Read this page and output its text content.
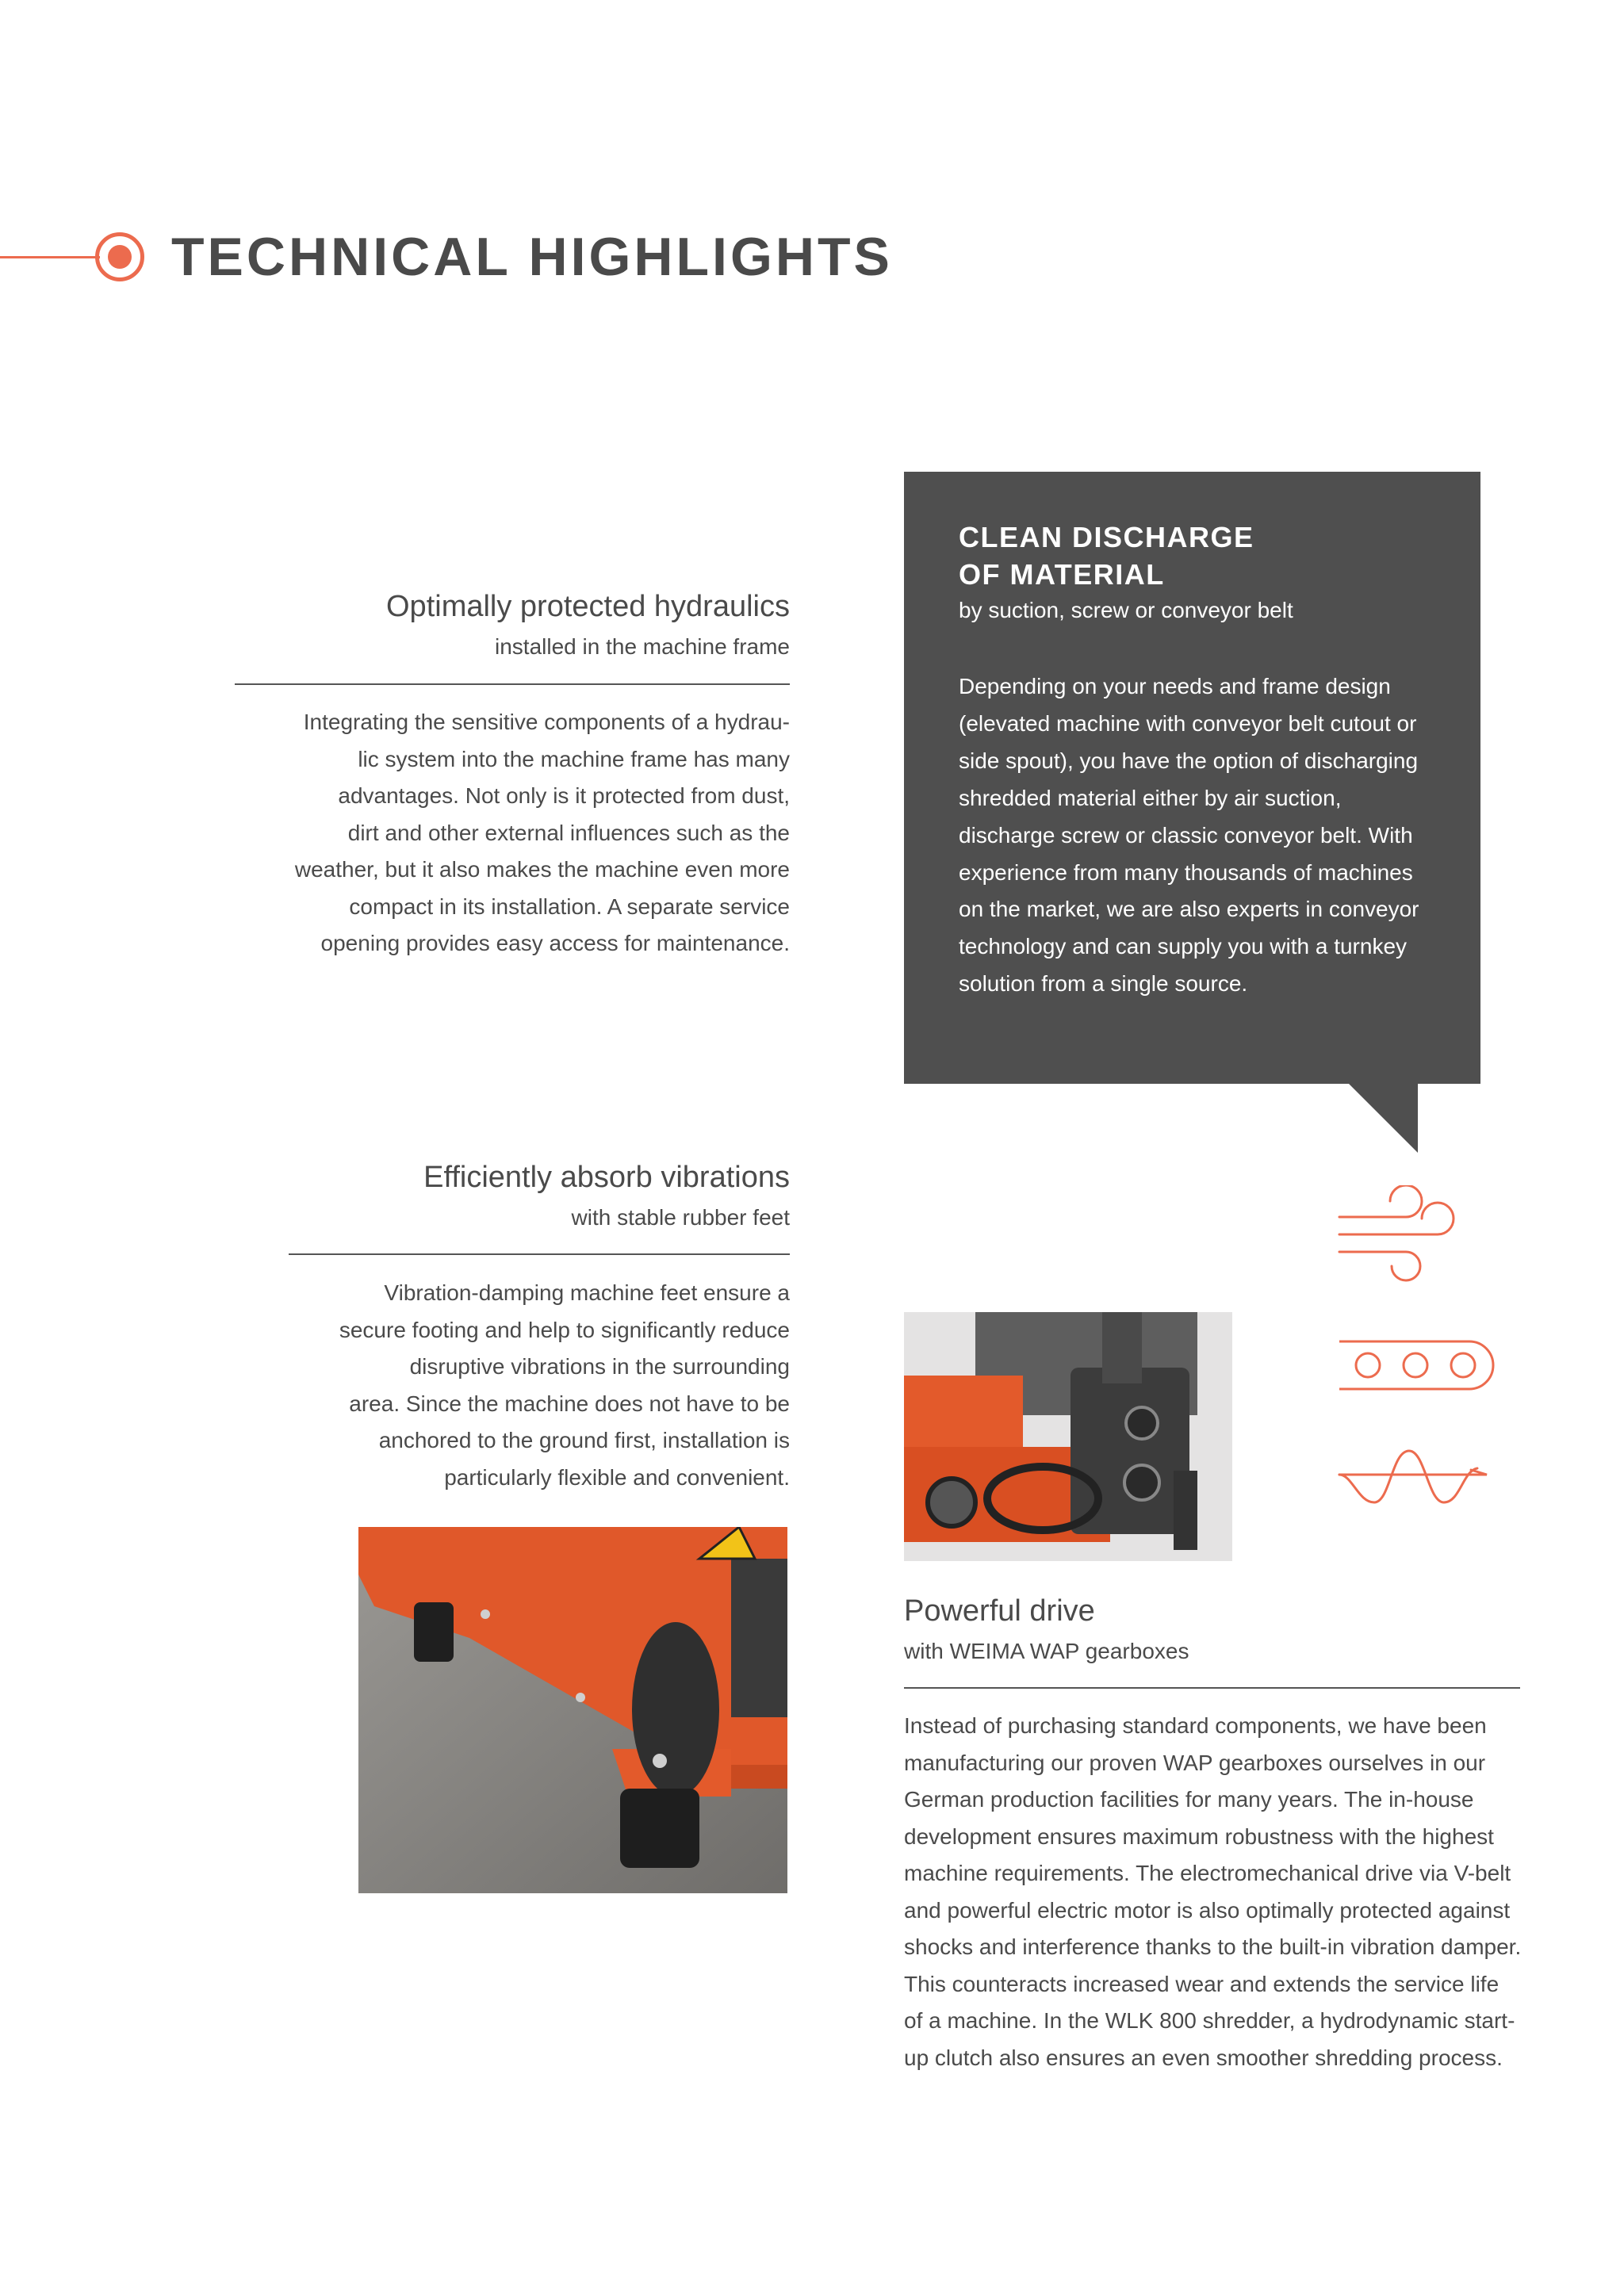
TECHNICAL HIGHLIGHTS
Optimally protected hydraulics
installed in the machine frame
Integrating the sensitive components of a hydrau-
lic system into the machine frame has many
advantages. Not only is it protected from dust,
dirt and other external influences such as the
weather, but it also makes the machine even more
compact in its installation. A separate service
opening provides easy access for maintenance.
CLEAN DISCHARGE
OF MATERIAL
by suction, screw or conveyor belt
Depending on your needs and frame design (elevated machine with conveyor belt cutout or side spout), you have the option of discharging shredded material either by air suction, discharge screw or classic conveyor belt. With experience from many thousands of machines on the market, we are also experts in conveyor technology and can supply you with a turnkey solution from a single source.
Efficiently absorb vibrations
with stable rubber feet
Vibration-damping machine feet ensure a
secure footing and help to significantly reduce
disruptive vibrations in the surrounding
area. Since the machine does not have to be
anchored to the ground first, installation is
particularly flexible and convenient.
Powerful drive
with WEIMA WAP gearboxes
Instead of purchasing standard components, we have been manufacturing our proven WAP gearboxes ourselves in our German production facilities for many years. The in-house development ensures maximum robustness with the highest machine requirements. The electromechanical drive via V-belt and powerful electric motor is also optimally protected against shocks and interference thanks to the built-in vibration damper. This counteracts increased wear and extends the service life of a machine. In the WLK 800 shredder, a hydrodynamic start-up clutch also ensures an even smoother shredding process.
